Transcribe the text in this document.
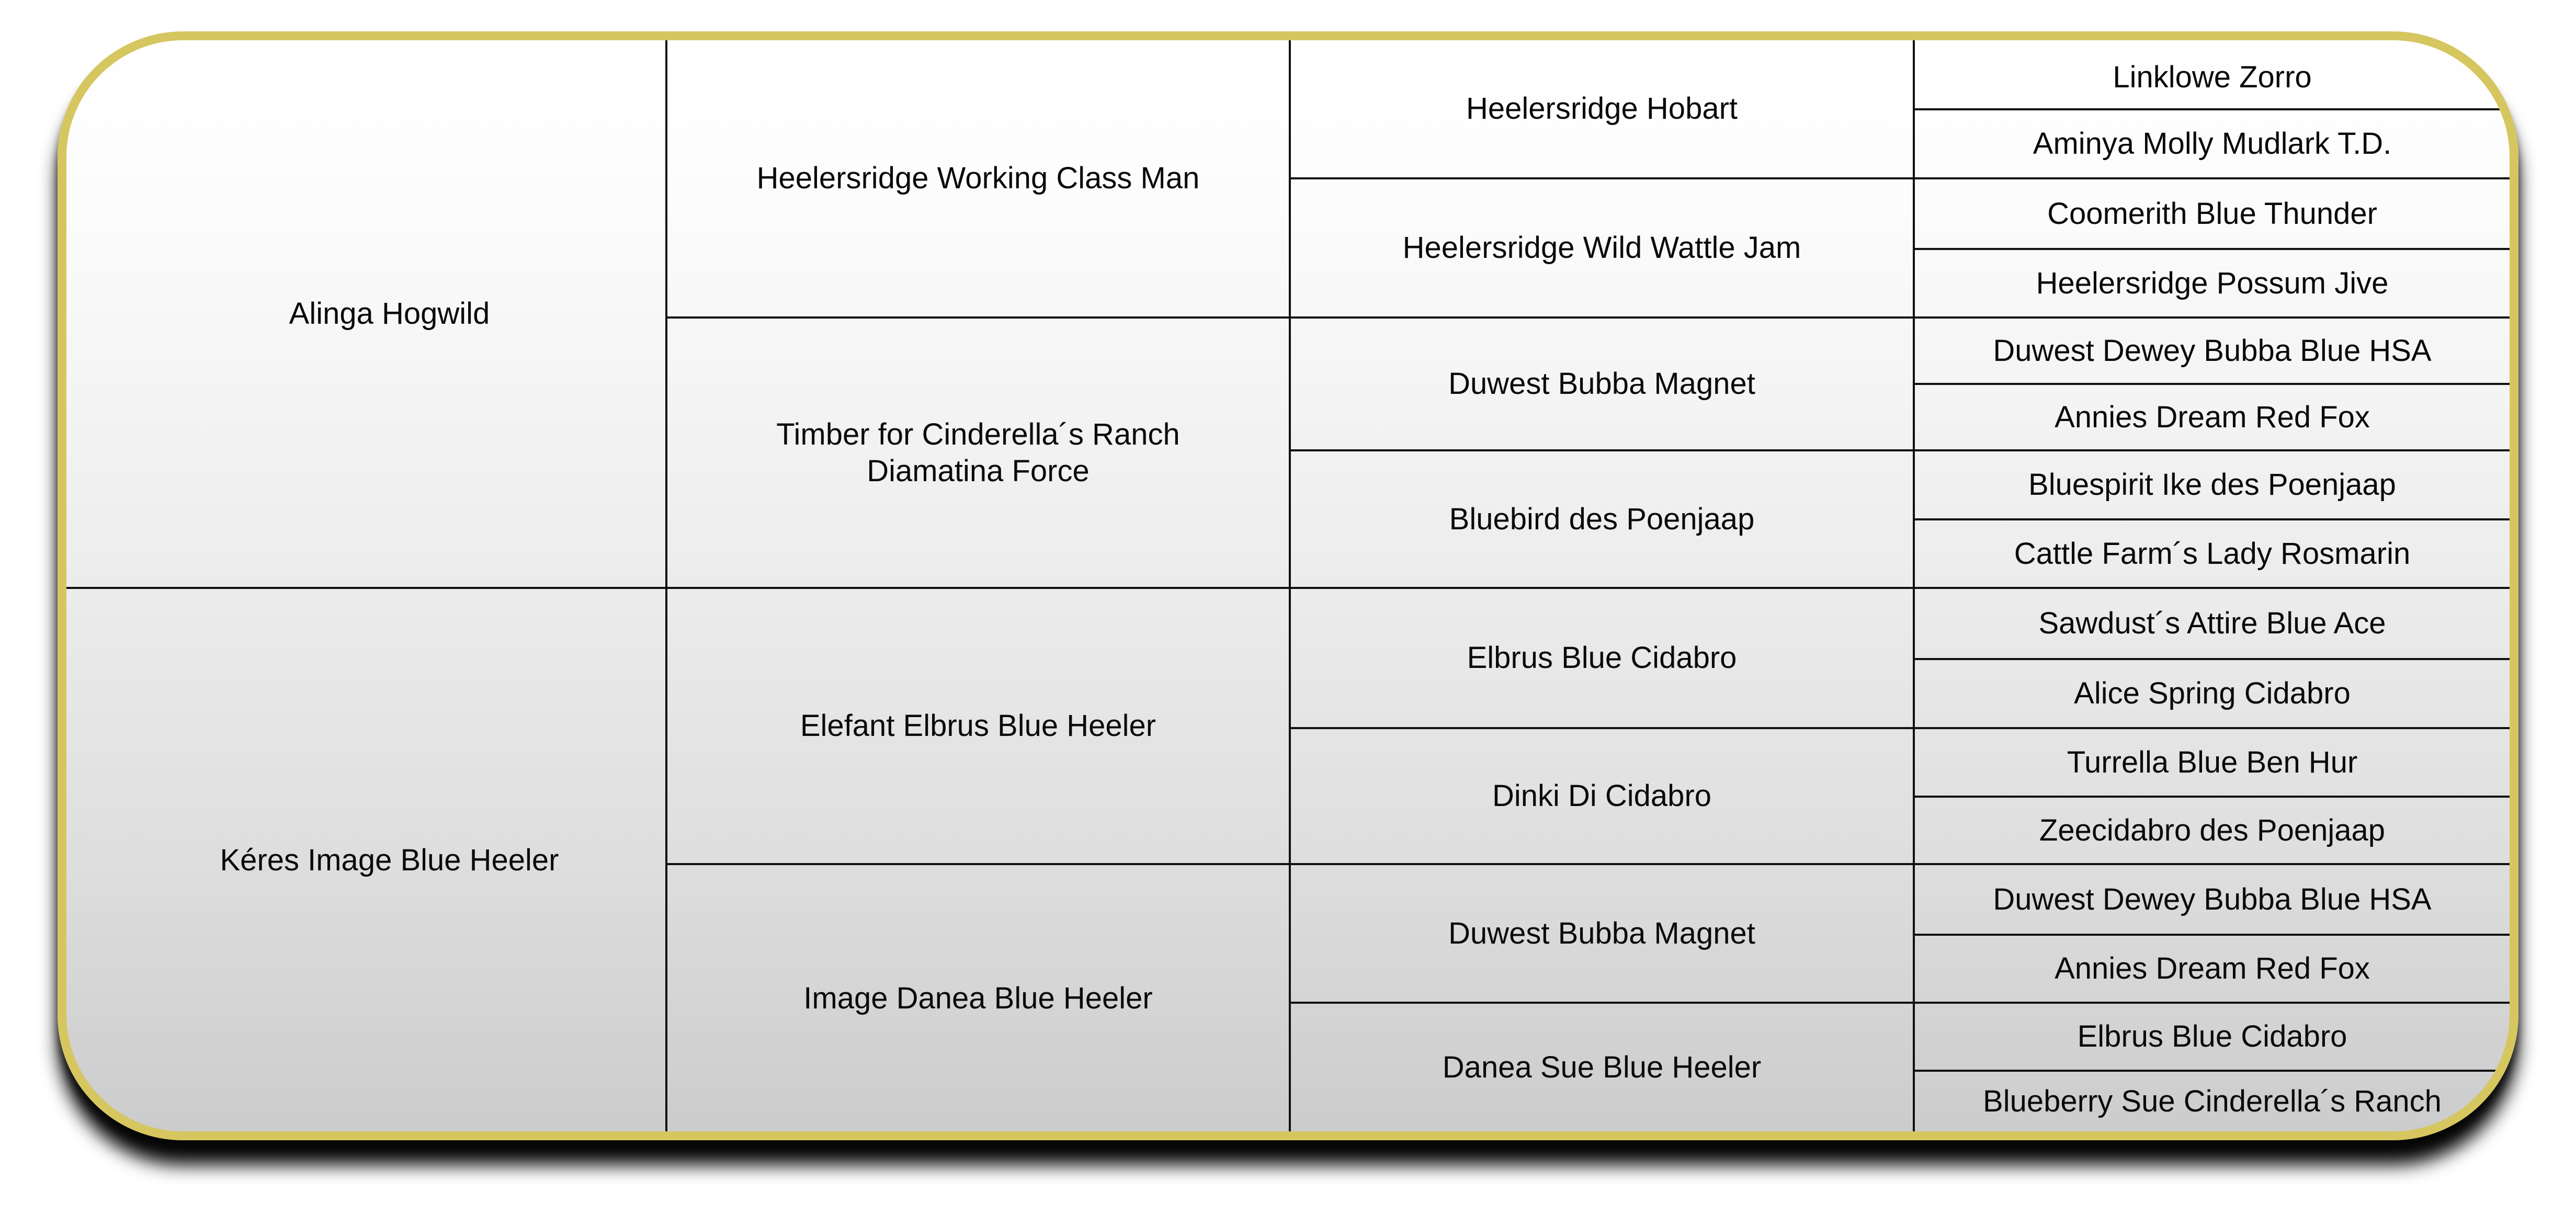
Alinga Hogwild
Kéres Image Blue Heeler
Heelersridge Working Class Man
Timber for Cinderella´s Ranch Diamatina Force
Elefant Elbrus Blue Heeler
Image Danea Blue Heeler
Heelersridge Hobart
Heelersridge Wild Wattle Jam
Duwest Bubba Magnet
Bluebird des Poenjaap
Elbrus Blue Cidabro
Dinki Di Cidabro
Duwest Bubba Magnet
Danea Sue Blue Heeler
Linklowe Zorro
Aminya Molly Mudlark T.D.
Coomerith Blue Thunder
Heelersridge Possum Jive
Duwest Dewey Bubba Blue HSA
Annies Dream Red Fox
Bluespirit Ike des Poenjaap
Cattle Farm´s Lady Rosmarin
Sawdust´s Attire Blue Ace
Alice Spring Cidabro
Turrella Blue Ben Hur
Zeecidabro des Poenjaap
Duwest Dewey Bubba Blue HSA
Annies Dream Red Fox
Elbrus Blue Cidabro
Blueberry Sue Cinderella´s Ranch
